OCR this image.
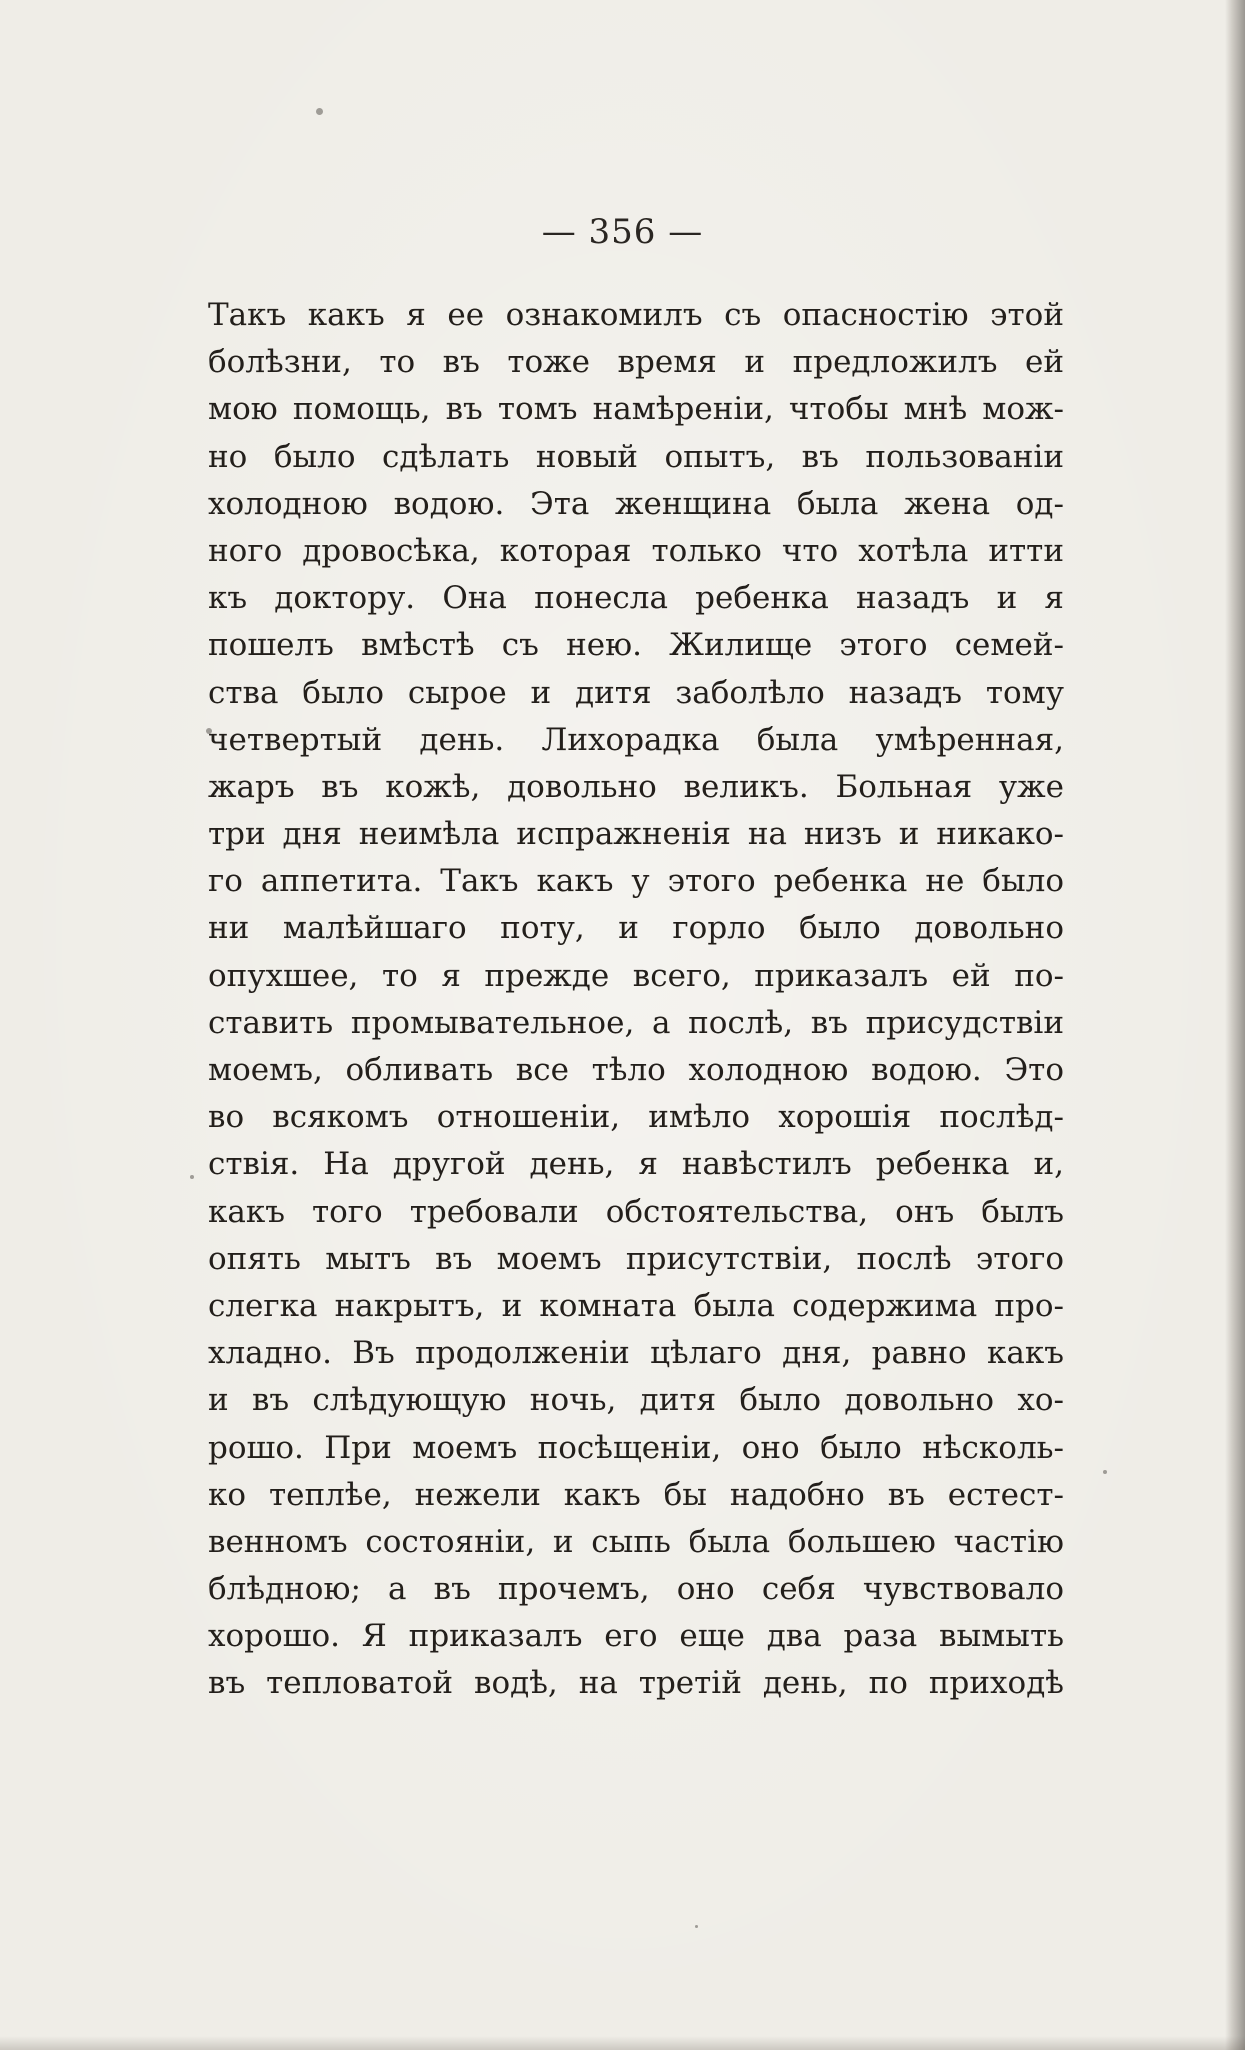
— 356 —
Такъ какъ я ее ознакомилъ съ опасностію этой
болѣзни, то въ тоже время и предложилъ ей
мою помощь, въ томъ намѣреніи, чтобы мнѣ мож-
но было сдѣлать новый опытъ, въ пользованіи
холодною водою. Эта женщина была жена од-
ного дровосѣка, которая только что хотѣла итти
къ доктору. Она понесла ребенка назадъ и я
пошелъ вмѣстѣ съ нею. Жилище этого семей-
ства было сырое и дитя заболѣло назадъ тому
четвертый день. Лихорадка была умѣренная,
жаръ въ кожѣ, довольно великъ. Больная уже
три дня неимѣла испражненія на низъ и никако-
го аппетита. Такъ какъ у этого ребенка не было
ни малѣйшаго поту, и горло было довольно
опухшее, то я прежде всего, приказалъ ей по-
ставить промывательное, а послѣ, въ присудствіи
моемъ, обливать все тѣло холодною водою. Это
во всякомъ отношеніи, имѣло хорошія послѣд-
ствія. На другой день, я навѣстилъ ребенка и,
какъ того требовали обстоятельства, онъ былъ
опять мытъ въ моемъ присутствіи, послѣ этого
слегка накрытъ, и комната была содержима про-
хладно. Въ продолженіи цѣлаго дня, равно какъ
и въ слѣдующую ночь, дитя было довольно хо-
рошо. При моемъ посѣщеніи, оно было нѣсколь-
ко теплѣе, нежели какъ бы надобно въ естест-
венномъ состояніи, и сыпь была большею частію
блѣдною; а въ прочемъ, оно себя чувствовало
хорошо. Я приказалъ его еще два раза вымыть
въ тепловатой водѣ, на третій день, по приходѣ
